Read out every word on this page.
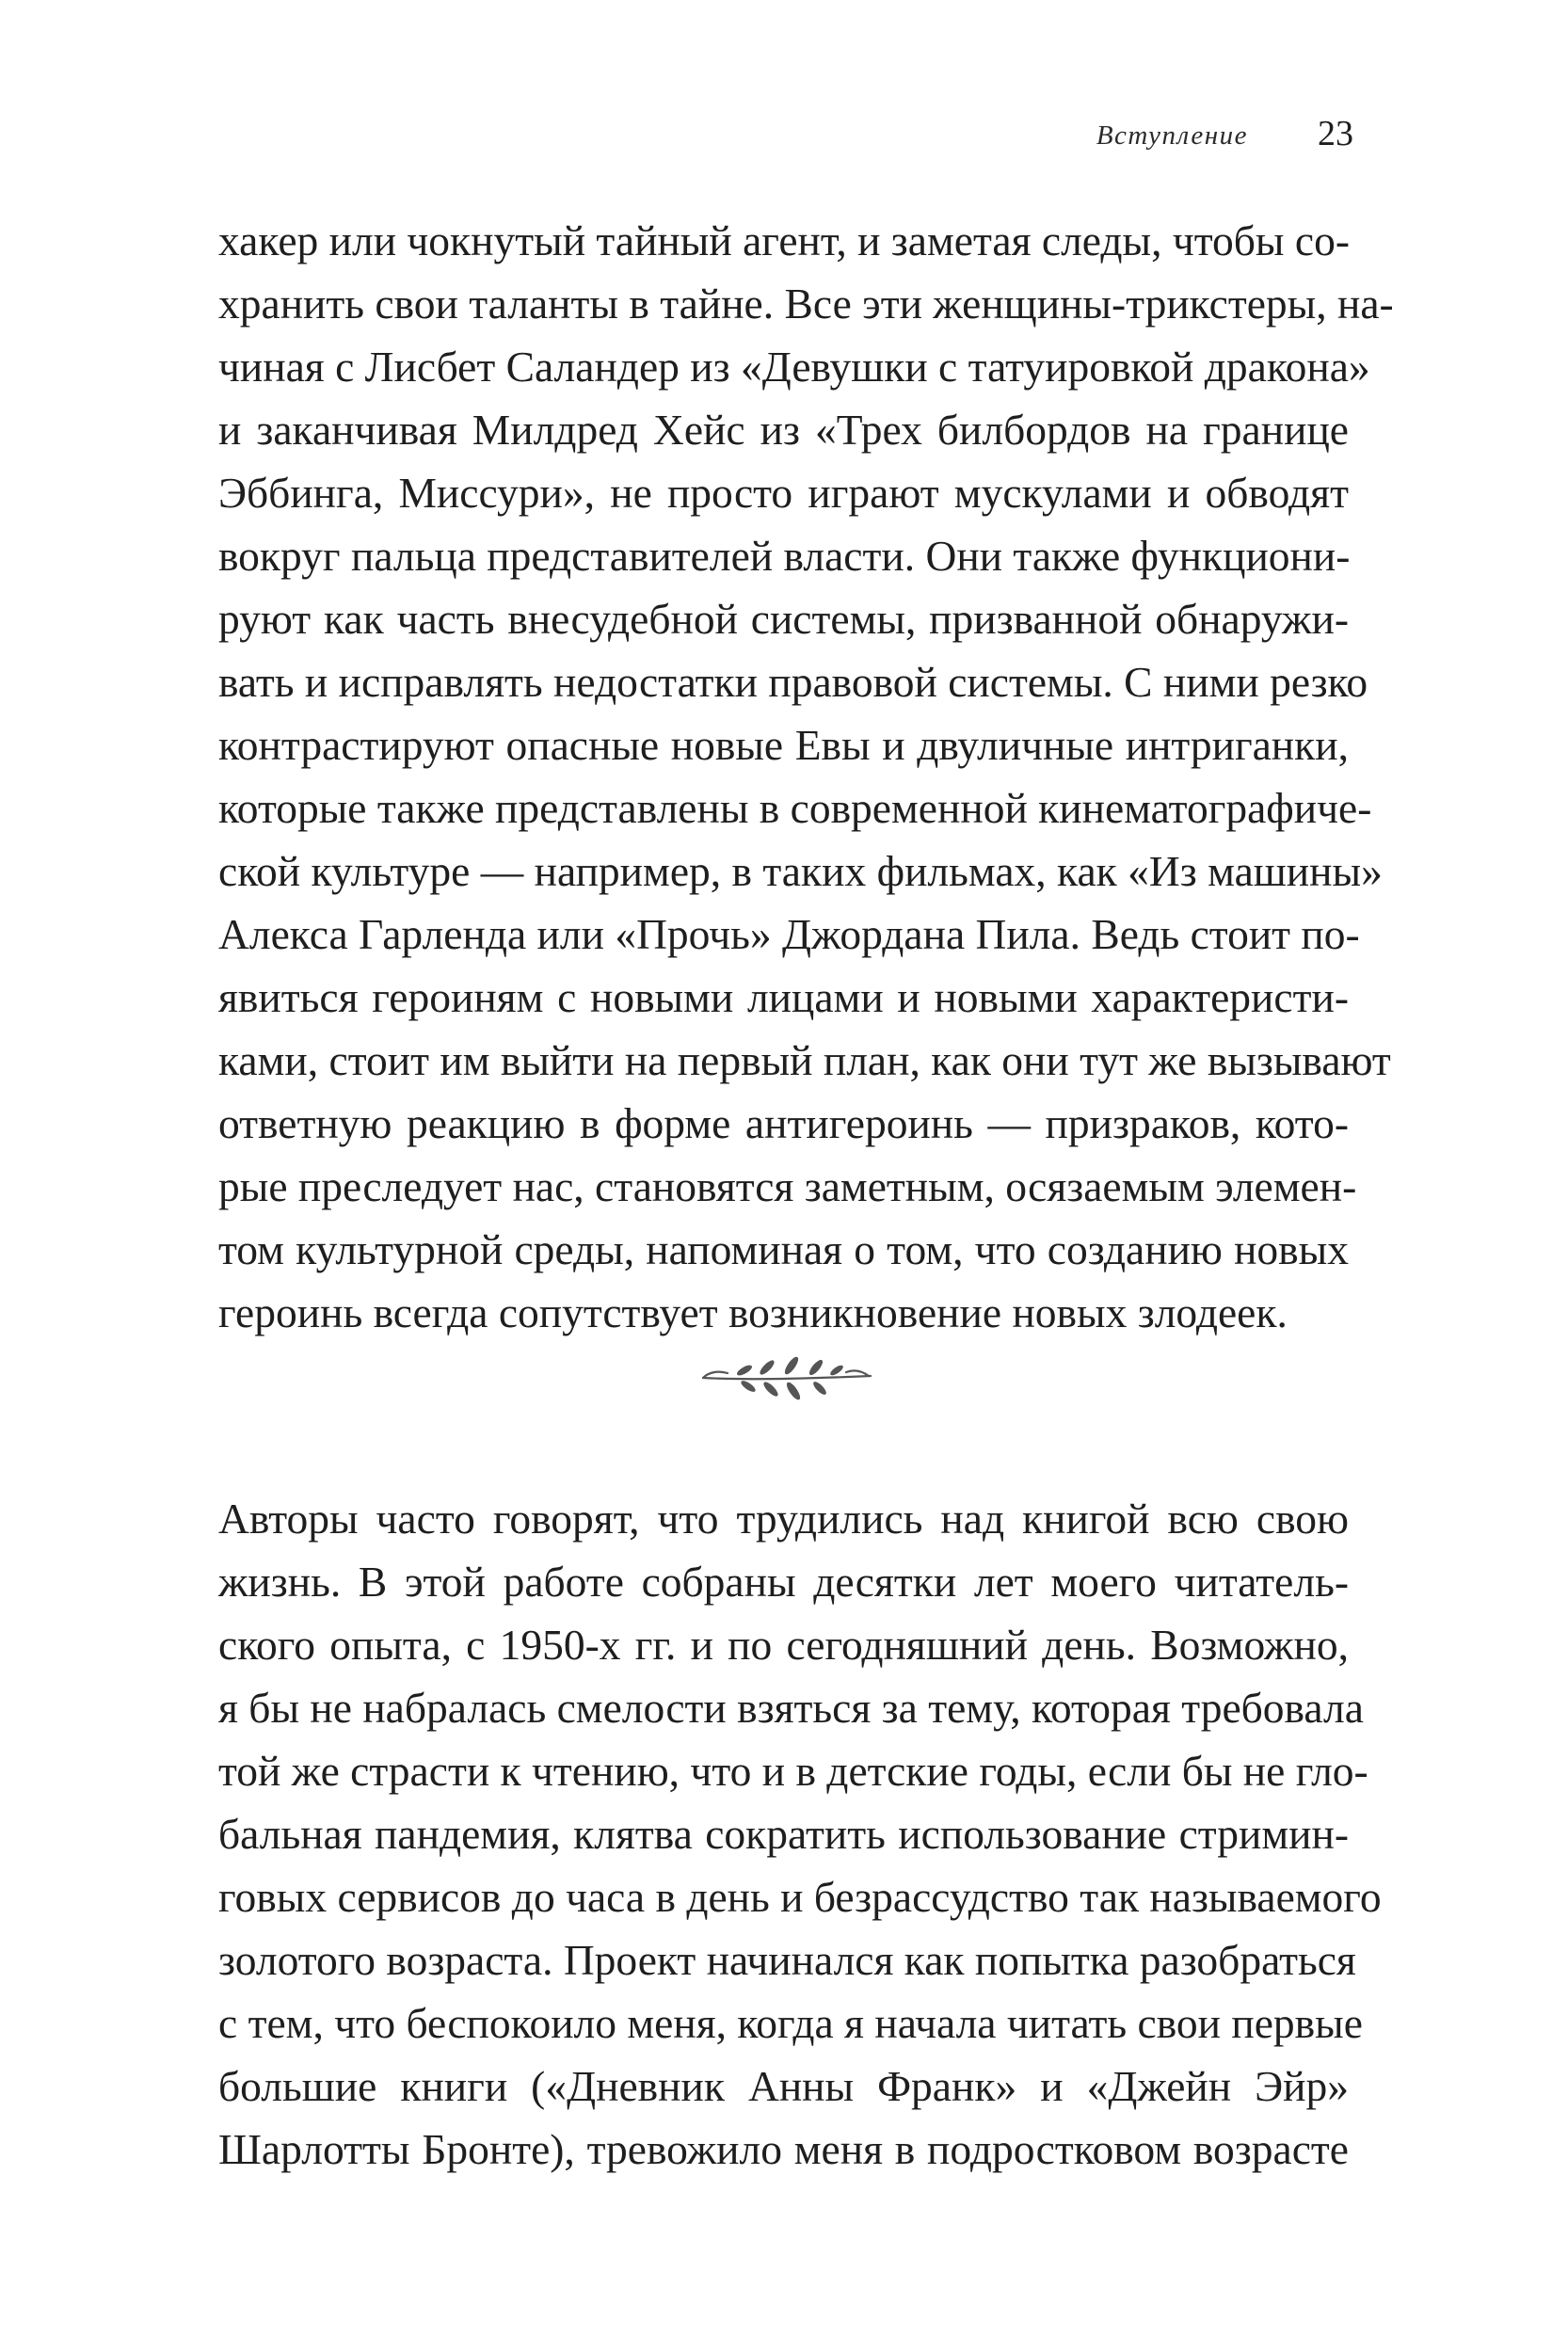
Вступление 23
хакер или чокнутый тайный агент, и заметая следы, чтобы со-
хранить свои таланты в тайне. Все эти женщины-трикстеры, на-
чиная с Лисбет Саландер из «Девушки с татуировкой дракона»
и заканчивая Милдред Хейс из «Трех билбордов на границе
Эббинга, Миссури», не просто играют мускулами и обводят
вокруг пальца представителей власти. Они также функциони-
руют как часть внесудебной системы, призванной обнаружи-
вать и исправлять недостатки правовой системы. С ними резко
контрастируют опасные новые Евы и двуличные интриганки,
которые также представлены в современной кинематографиче-
ской культуре — например, в таких фильмах, как «Из машины»
Алекса Гарленда или «Прочь» Джордана Пила. Ведь стоит по-
явиться героиням с новыми лицами и новыми характеристи-
ками, стоит им выйти на первый план, как они тут же вызывают
ответную реакцию в форме антигероинь — призраков, кото-
рые преследует нас, становятся заметным, осязаемым элемен-
том культурной среды, напоминая о том, что созданию новых
героинь всегда сопутствует возникновение новых злодеек.
Авторы часто говорят, что трудились над книгой всю свою
жизнь. В этой работе собраны десятки лет моего читатель-
ского опыта, с 1950-х гг. и по сегодняшний день. Возможно,
я бы не набралась смелости взяться за тему, которая требовала
той же страсти к чтению, что и в детские годы, если бы не гло-
бальная пандемия, клятва сократить использование стримин-
говых сервисов до часа в день и безрассудство так называемого
золотого возраста. Проект начинался как попытка разобраться
с тем, что беспокоило меня, когда я начала читать свои первые
большие книги («Дневник Анны Франк» и «Джейн Эйр»
Шарлотты Бронте), тревожило меня в подростковом возрасте
